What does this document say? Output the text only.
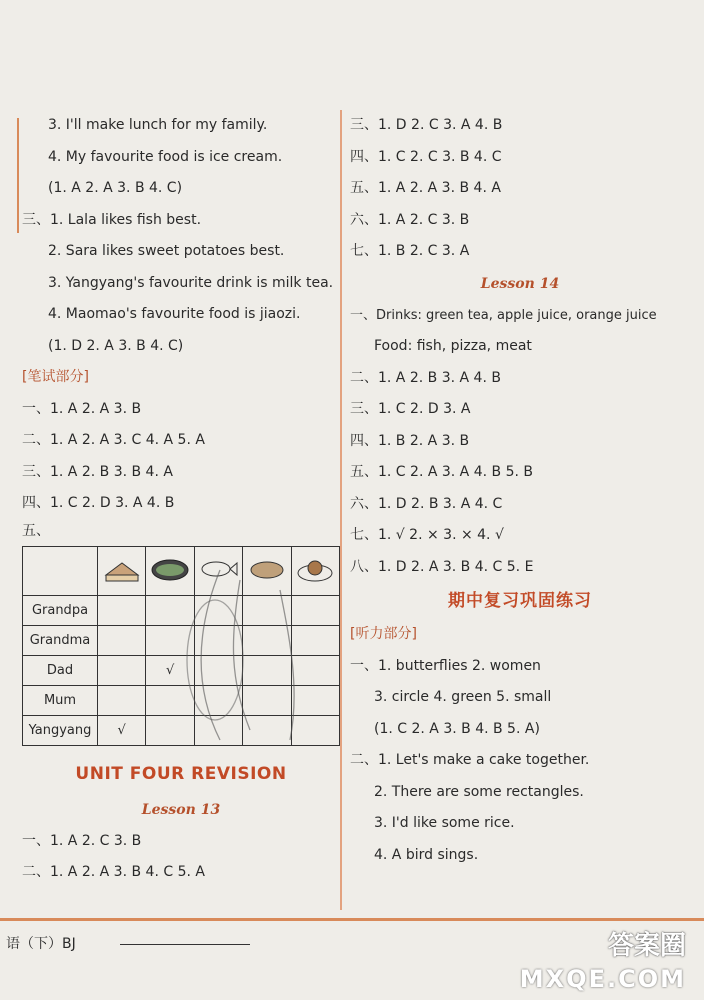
3. I'll make lunch for my family.
4. My favourite food is ice cream.
(1. A 2. A 3. B 4. C)
三、1. Lala likes fish best.
2. Sara likes sweet potatoes best.
3. Yangyang's favourite drink is milk tea.
4. Maomao's favourite food is jiaozi.
(1. D 2. A 3. B 4. C)
[笔试部分]
一、1. A 2. A 3. B
二、1. A 2. A 3. C 4. A 5. A
三、1. A 2. B 3. B 4. A
四、1. C 2. D 3. A 4. B
五、

Grandpa					
Grandma					
Dad		√			
Mum					
Yangyang	√				
UNIT FOUR REVISION
Lesson 13
一、1. A 2. C 3. B
二、1. A 2. A 3. B 4. C 5. A
三、1. D 2. C 3. A 4. B
四、1. C 2. C 3. B 4. C
五、1. A 2. A 3. B 4. A
六、1. A 2. C 3. B
七、1. B 2. C 3. A
Lesson 14
一、Drinks: green tea, apple juice, orange juice
Food: fish, pizza, meat
二、1. A 2. B 3. A 4. B
三、1. C 2. D 3. A
四、1. B 2. A 3. B
五、1. C 2. A 3. A 4. B 5. B
六、1. D 2. B 3. A 4. C
七、1. √ 2. × 3. × 4. √
八、1. D 2. A 3. B 4. C 5. E
期中复习巩固练习
[听力部分]
一、1. butterflies 2. women
3. circle 4. green 5. small
(1. C 2. A 3. B 4. B 5. A)
二、1. Let's make a cake together.
2. There are some rectangles.
3. I'd like some rice.
4. A bird sings.
语（下）BJ	答案圈
MXQE.COM
